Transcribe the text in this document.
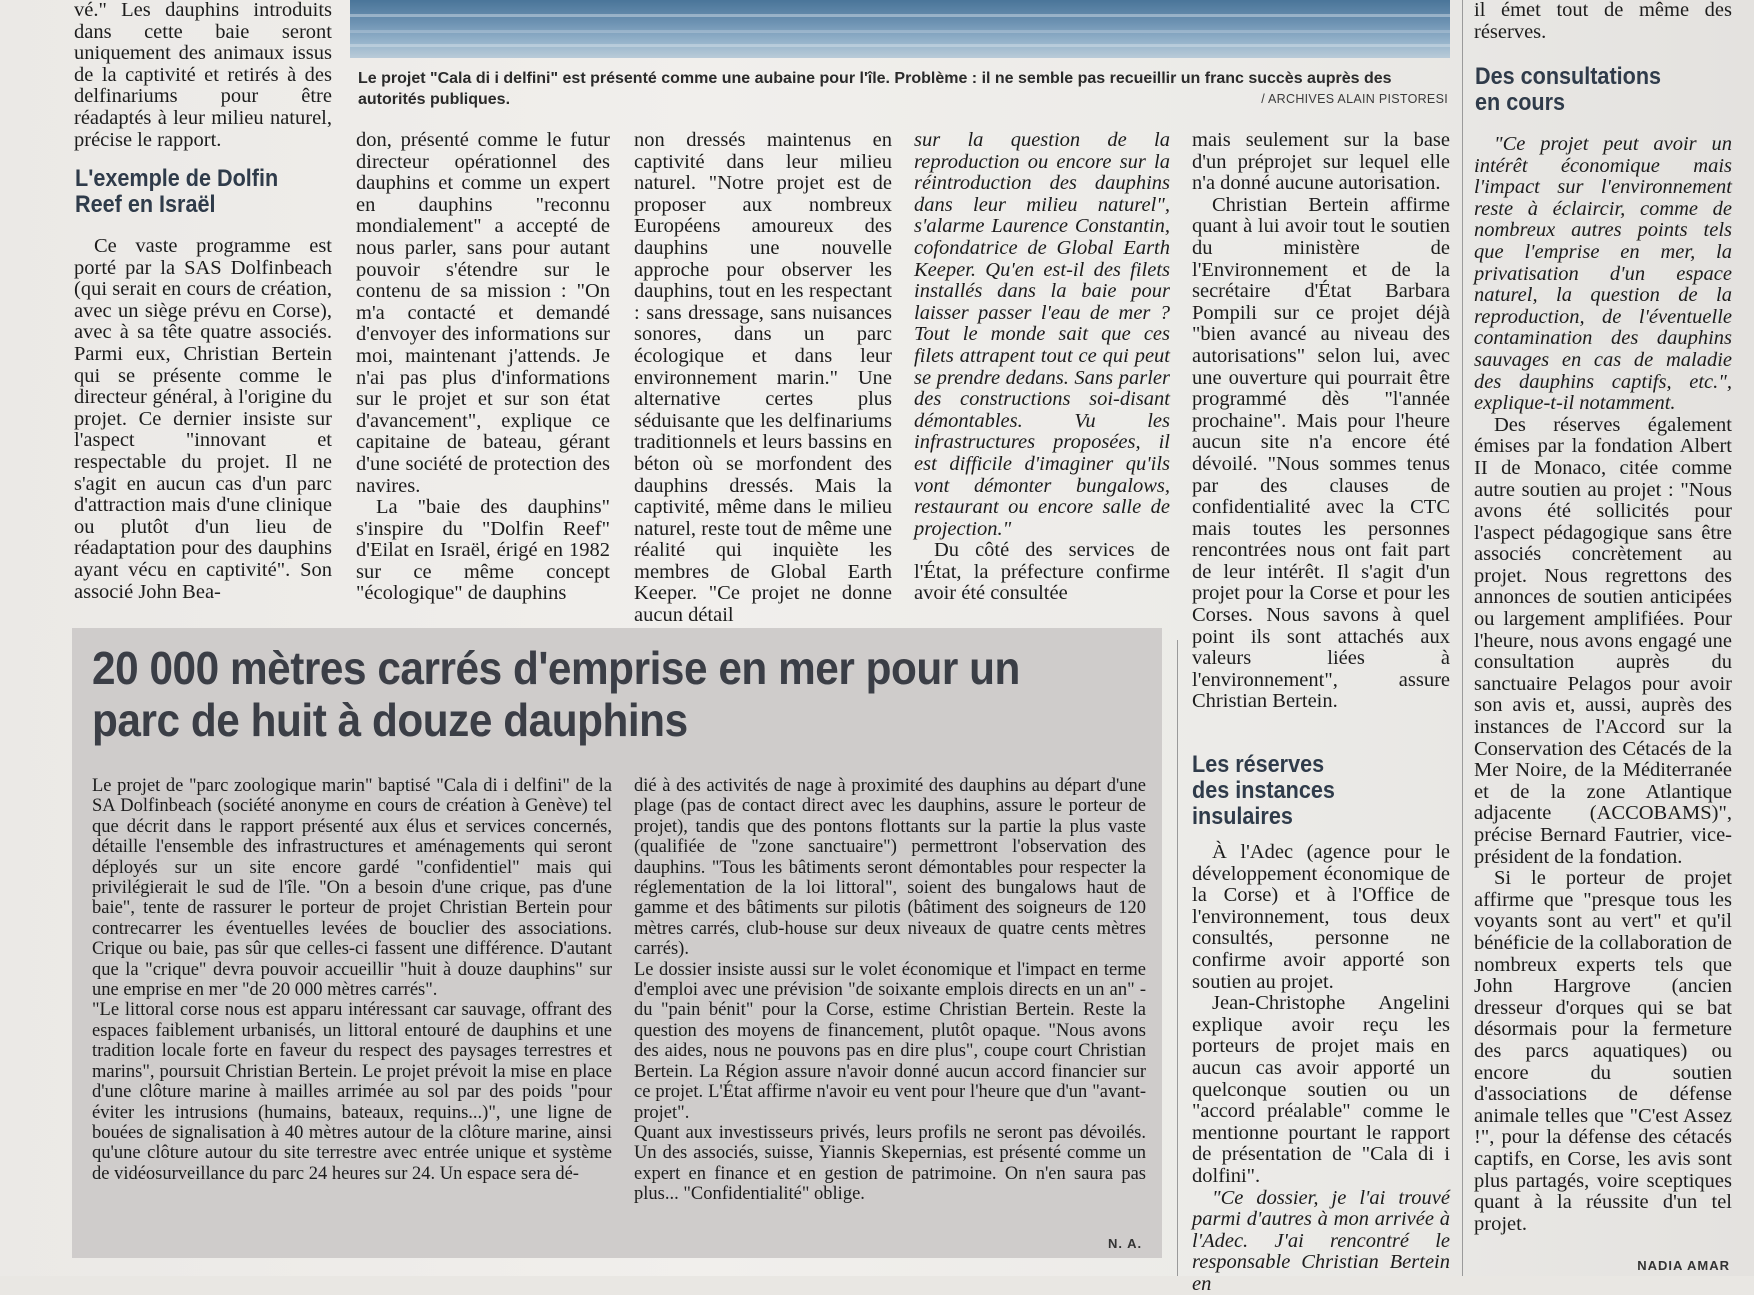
Le projet "Cala di i delfini" est présenté comme une aubaine pour l'île. Problème : il ne semble pas recueillir un franc succès auprès des autorités publiques.	/ ARCHIVES ALAIN PISTORESI

vé." Les dauphins introduits dans cette baie seront uniquement des animaux issus de la captivité et retirés à des delfinariums pour être réadaptés à leur milieu naturel, précise le rapport.

L'exemple de Dolfin Reef en Israël

Ce vaste programme est porté par la SAS Dolfinbeach (qui serait en cours de création, avec un siège prévu en Corse), avec à sa tête quatre associés. Parmi eux, Christian Bertein qui se présente comme le directeur général, à l'origine du projet. Ce dernier insiste sur l'aspect "innovant et respectable du projet. Il ne s'agit en aucun cas d'un parc d'attraction mais d'une clinique ou plutôt d'un lieu de réadaptation pour des dauphins ayant vécu en captivité". Son associé John Bea-

don, présenté comme le futur directeur opérationnel des dauphins et comme un expert en dauphins "reconnu mondialement" a accepté de nous parler, sans pour autant pouvoir s'étendre sur le contenu de sa mission : "On m'a contacté et demandé d'envoyer des informations sur moi, maintenant j'attends. Je n'ai pas plus d'informations sur le projet et sur son état d'avancement", explique ce capitaine de bateau, gérant d'une société de protection des navires.

La "baie des dauphins" s'inspire du "Dolfin Reef" d'Eilat en Israël, érigé en 1982 sur ce même concept "écologique" de dauphins

non dressés maintenus en captivité dans leur milieu naturel. "Notre projet est de proposer aux nombreux Européens amoureux des dauphins une nouvelle approche pour observer les dauphins, tout en les respectant : sans dressage, sans nuisances sonores, dans un parc écologique et dans leur environnement marin." Une alternative certes plus séduisante que les delfinariums traditionnels et leurs bassins en béton où se morfondent des dauphins dressés. Mais la captivité, même dans le milieu naturel, reste tout de même une réalité qui inquiète les membres de Global Earth Keeper. "Ce projet ne donne aucun détail

sur la question de la reproduction ou encore sur la réintroduction des dauphins dans leur milieu naturel", s'alarme Laurence Constantin, cofondatrice de Global Earth Keeper. Qu'en est-il des filets installés dans la baie pour laisser passer l'eau de mer ? Tout le monde sait que ces filets attrapent tout ce qui peut se prendre dedans. Sans parler des constructions soi-disant démontables. Vu les infrastructures proposées, il est difficile d'imaginer qu'ils vont démonter bungalows, restaurant ou encore salle de projection."

Du côté des services de l'État, la préfecture confirme avoir été consultée

mais seulement sur la base d'un préprojet sur lequel elle n'a donné aucune autorisation.

Christian Bertein affirme quant à lui avoir tout le soutien du ministère de l'Environnement et de la secrétaire d'État Barbara Pompili sur ce projet déjà "bien avancé au niveau des autorisations" selon lui, avec une ouverture qui pourrait être programmé dès "l'année prochaine". Mais pour l'heure aucun site n'a encore été dévoilé. "Nous sommes tenus par des clauses de confidentialité avec la CTC mais toutes les personnes rencontrées nous ont fait part de leur intérêt. Il s'agit d'un projet pour la Corse et pour les Corses. Nous savons à quel point ils sont attachés aux valeurs liées à l'environnement", assure Christian Bertein.

Les réserves des instances insulaires

À l'Adec (agence pour le développement économique de la Corse) et à l'Office de l'environnement, tous deux consultés, personne ne confirme avoir apporté son soutien au projet.

Jean-Christophe Angelini explique avoir reçu les porteurs de projet mais en aucun cas avoir apporté un quelconque soutien ou un "accord préalable" comme le mentionne pourtant le rapport de présentation de "Cala di i dolfini".

"Ce dossier, je l'ai trouvé parmi d'autres à mon arrivée à l'Adec. J'ai rencontré le responsable Christian Bertein en

il émet tout de même des réserves.

Des consultations en cours

"Ce projet peut avoir un intérêt économique mais l'impact sur l'environnement reste à éclaircir, comme de nombreux autres points tels que l'emprise en mer, la privatisation d'un espace naturel, la question de la reproduction, de l'éventuelle contamination des dauphins sauvages en cas de maladie des dauphins captifs, etc.", explique-t-il notamment.

Des réserves également émises par la fondation Albert II de Monaco, citée comme autre soutien au projet : "Nous avons été sollicités pour l'aspect pédagogique sans être associés concrètement au projet. Nous regrettons des annonces de soutien anticipées ou largement amplifiées. Pour l'heure, nous avons engagé une consultation auprès du sanctuaire Pelagos pour avoir son avis et, aussi, auprès des instances de l'Accord sur la Conservation des Cétacés de la Mer Noire, de la Méditerranée et de la zone Atlantique adjacente (ACCOBAMS)", précise Bernard Fautrier, vice-président de la fondation.

Si le porteur de projet affirme que "presque tous les voyants sont au vert" et qu'il bénéficie de la collaboration de nombreux experts tels que John Hargrove (ancien dresseur d'orques qui se bat désormais pour la fermeture des parcs aquatiques) ou encore du soutien d'associations de défense animale telles que "C'est Assez !", pour la défense des cétacés captifs, en Corse, les avis sont plus partagés, voire sceptiques quant à la réussite d'un tel projet.

NADIA AMAR
20 000 mètres carrés d'emprise en mer pour un parc de huit à douze dauphins

Le projet de "parc zoologique marin" baptisé "Cala di i delfini" de la SA Dolfinbeach (société anonyme en cours de création à Genève) tel que décrit dans le rapport présenté aux élus et services concernés, détaille l'ensemble des infrastructures et aménagements qui seront déployés sur un site encore gardé "confidentiel" mais qui privilégierait le sud de l'île. "On a besoin d'une crique, pas d'une baie", tente de rassurer le porteur de projet Christian Bertein pour contrecarrer les éventuelles levées de bouclier des associations. Crique ou baie, pas sûr que celles-ci fassent une différence. D'autant que la "crique" devra pouvoir accueillir "huit à douze dauphins" sur une emprise en mer "de 20 000 mètres carrés".

"Le littoral corse nous est apparu intéressant car sauvage, offrant des espaces faiblement urbanisés, un littoral entouré de dauphins et une tradition locale forte en faveur du respect des paysages terrestres et marins", poursuit Christian Bertein. Le projet prévoit la mise en place d'une clôture marine à mailles arrimée au sol par des poids "pour éviter les intrusions (humains, bateaux, requins...)", une ligne de bouées de signalisation à 40 mètres autour de la clôture marine, ainsi qu'une clôture autour du site terrestre avec entrée unique et système de vidéosurveillance du parc 24 heures sur 24. Un espace sera dé-

dié à des activités de nage à proximité des dauphins au départ d'une plage (pas de contact direct avec les dauphins, assure le porteur de projet), tandis que des pontons flottants sur la partie la plus vaste (qualifiée de "zone sanctuaire") permettront l'observation des dauphins. "Tous les bâtiments seront démontables pour respecter la réglementation de la loi littoral", soient des bungalows haut de gamme et des bâtiments sur pilotis (bâtiment des soigneurs de 120 mètres carrés, club-house sur deux niveaux de quatre cents mètres carrés).

Le dossier insiste aussi sur le volet économique et l'impact en terme d'emploi avec une prévision "de soixante emplois directs en un an" - du "pain bénit" pour la Corse, estime Christian Bertein. Reste la question des moyens de financement, plutôt opaque. "Nous avons des aides, nous ne pouvons pas en dire plus", coupe court Christian Bertein. La Région assure n'avoir donné aucun accord financier sur ce projet. L'État affirme n'avoir eu vent pour l'heure que d'un "avant-projet".

Quant aux investisseurs privés, leurs profils ne seront pas dévoilés. Un des associés, suisse, Yiannis Skepernias, est présenté comme un expert en finance et en gestion de patrimoine. On n'en saura pas plus... "Confidentialité" oblige.

N. A.
